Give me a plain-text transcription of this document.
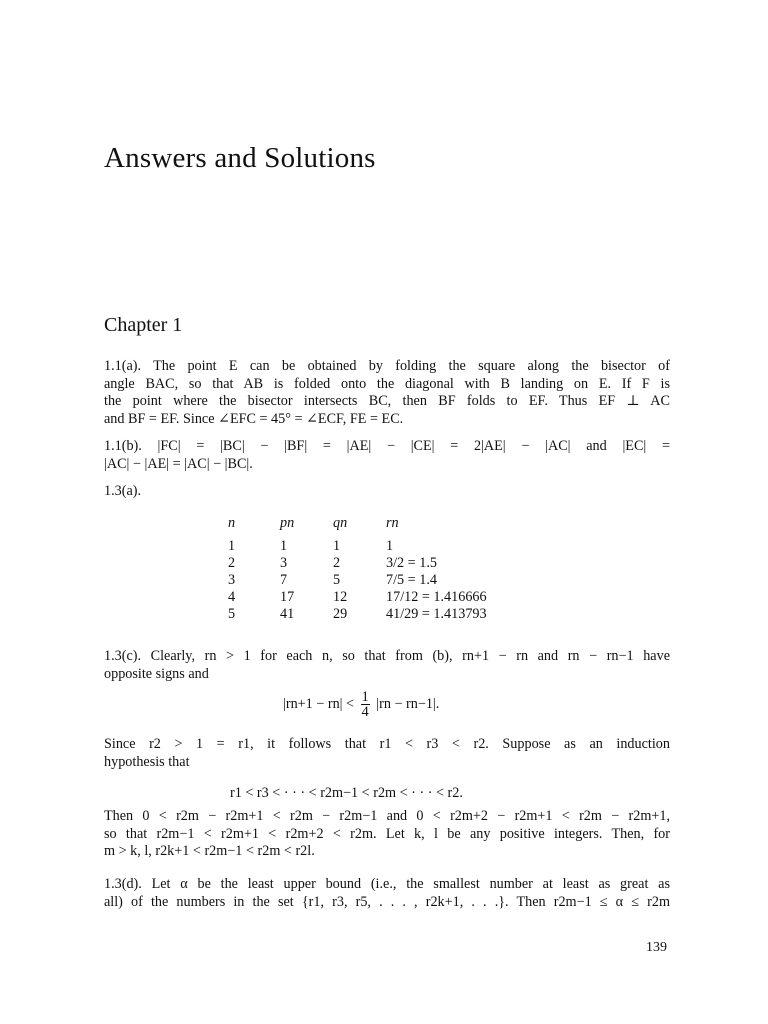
Answers and Solutions
Chapter 1
1.1(a). The point E can be obtained by folding the square along the bisector of
angle BAC, so that AB is folded onto the diagonal with B landing on E. If F is
the point where the bisector intersects BC, then BF folds to EF. Thus EF ⊥ AC
and BF = EF. Since ∠EFC = 45° = ∠ECF, FE = EC.
1.1(b). |FC| = |BC| − |BF| = |AE| − |CE| = 2|AE| − |AC| and |EC| =
|AC| − |AE| = |AC| − |BC|.
1.3(a).
n	pn	qn	rn
1	1	1	1
2	3	2	3/2 = 1.5
3	7	5	7/5 = 1.4
4	17	12	17/12 = 1.416666
5	41	29	41/29 = 1.413793
1.3(c). Clearly, rn > 1 for each n, so that from (b), rn+1 − rn and rn − rn−1 have
opposite signs and
$|rn+1 - rn| < \frac{1}{4} |rn - rn-1|$.
Since r2 > 1 = r1, it follows that r1 < r3 < r2. Suppose as an induction
hypothesis that
r1 < r3 < · · · < r2m−1 < r2m < · · · < r2.
Then 0 < r2m − r2m+1 < r2m − r2m−1 and 0 < r2m+2 − r2m+1 < r2m − r2m+1,
so that r2m−1 < r2m+1 < r2m+2 < r2m. Let k, l be any positive integers. Then, for
m > k, l, r2k+1 < r2m−1 < r2m < r2l.
1.3(d). Let α be the least upper bound (i.e., the smallest number at least as great as
all) of the numbers in the set {r1, r3, r5, . . . , r2k+1, . . .}. Then r2m−1 ≤ α ≤ r2m
139
